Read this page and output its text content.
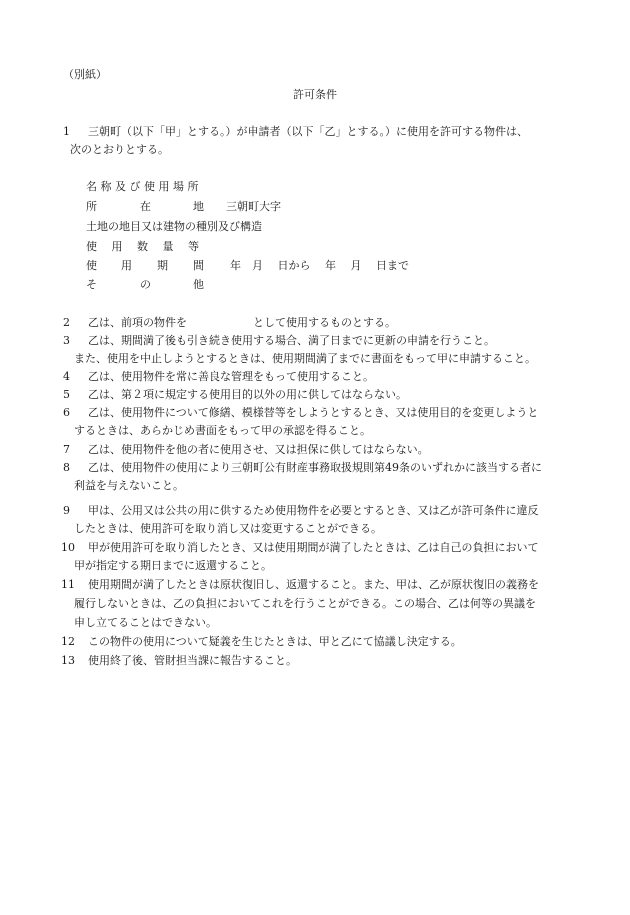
（別紙）
許可条件
1 三朝町（以下「甲」とする。）が申請者（以下「乙」とする。）に使用を許可する物件は、
次のとおりとする。
名 称 及 び 使 用 場 所
所	在	地 三朝町大字
土地の地目又は建物の種別及び構造
使　 用　 数　 量　 等
使 用 期 間 年　月　 日から　 年　 月　 日まで
そ	の	他
2 乙は、前項の物件を　　　　　　として使用するものとする。
3 乙は、期間満了後も引き続き使用する場合、満了日までに更新の申請を行うこと。
また、使用を中止しようとするときは、使用期間満了までに書面をもって甲に申請すること。
4 乙は、使用物件を常に善良な管理をもって使用すること。
5 乙は、第２項に規定する使用目的以外の用に供してはならない。
6 乙は、使用物件について修繕、模様替等をしようとするとき、又は使用目的を変更しようと
するときは、あらかじめ書面をもって甲の承認を得ること。
7 乙は、使用物件を他の者に使用させ、又は担保に供してはならない。
8 乙は、使用物件の使用により三朝町公有財産事務取扱規則第49条のいずれかに該当する者に
利益を与えないこと。
9 甲は、公用又は公共の用に供するため使用物件を必要とするとき、又は乙が許可条件に違反
したときは、使用許可を取り消し又は変更することができる。
10 甲が使用許可を取り消したとき、又は使用期間が満了したときは、乙は自己の負担において
甲が指定する期日までに返還すること。
11 使用期間が満了したときは原状復旧し、返還すること。また、甲は、乙が原状復旧の義務を
履行しないときは、乙の負担においてこれを行うことができる。この場合、乙は何等の異議を
申し立てることはできない。
12 この物件の使用について疑義を生じたときは、甲と乙にて協議し決定する。
13 使用終了後、管財担当課に報告すること。
